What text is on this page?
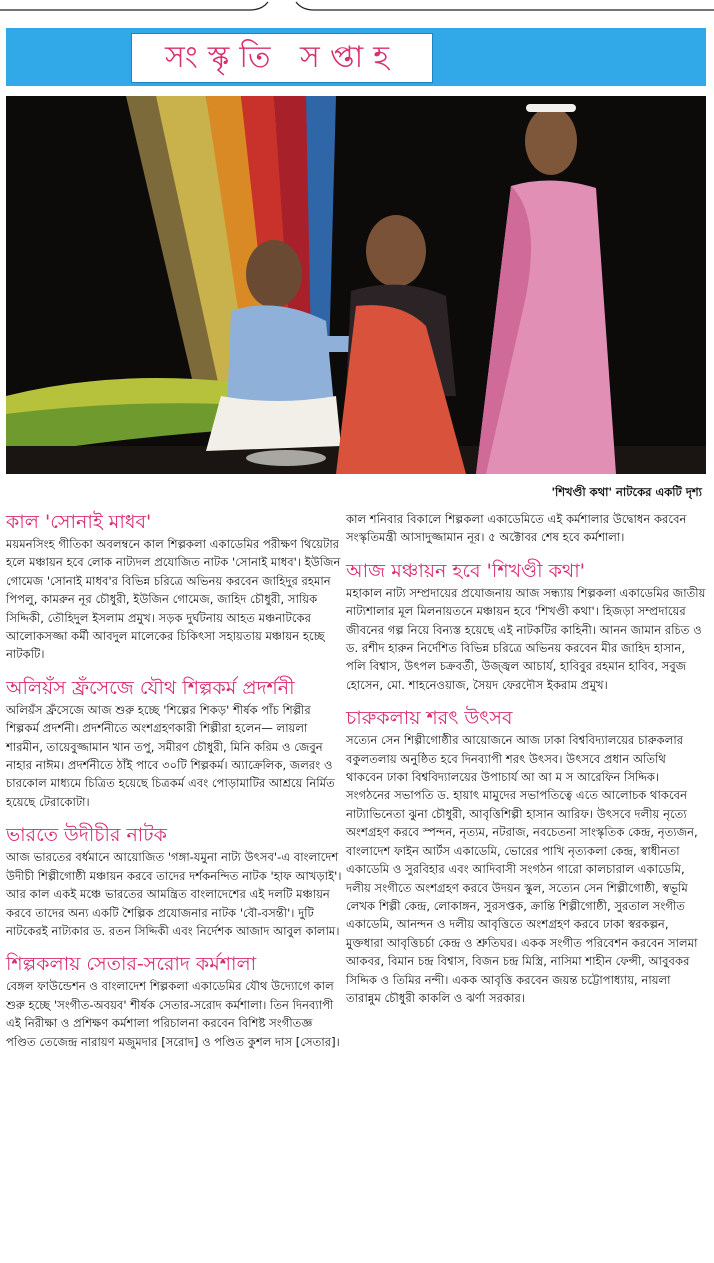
সংস্কৃতি সপ্তাহ
'শিখণ্ডী কথা' নাটকের একটি দৃশ্য
কাল 'সোনাই মাধব'

ময়মনসিংহ গীতিকা অবলম্বনে কাল শিল্পকলা একাডেমির পরীক্ষণ থিয়েটার হলে মঞ্চায়ন হবে লোক নাট্যদল প্রযোজিত নাটক 'সোনাই মাধব'। ইউজিন গোমেজ 'সোনাই মাধব'র বিভিন্ন চরিত্রে অভিনয় করবেন জাহিদুর রহমান পিপলু, কামরুন নূর চৌধুরী, ইউজিন গোমেজ, জাহিদ চৌধুরী, সায়িক সিদ্দিকী, তৌহিদুল ইসলাম প্রমুখ। সড়ক দুর্ঘটনায় আহত মঞ্চনাটকের আলোকসজ্জা কর্মী আবদুল মালেকের চিকিৎসা সহায়তায় মঞ্চায়ন হচ্ছে নাটকটি।

অলিয়ঁস ফ্রঁসেজে যৌথ শিল্পকর্ম প্রদর্শনী

অলিয়ঁস ফ্রঁসেজে আজ শুরু হচ্ছে 'শিল্পের শিকড়' শীর্ষক পাঁচ শিল্পীর শিল্পকর্ম প্রদর্শনী। প্রদর্শনীতে অংশগ্রহণকারী শিল্পীরা হলেন— লায়লা শারমীন, তায়েবুজ্জামান খান তপু, সমীরণ চৌধুরী, মিনি করিম ও জেবুন নাহার নাঈম। প্রদর্শনীতে ঠাঁই পাবে ৩০টি শিল্পকর্ম। অ্যাক্রেলিক, জলরং ও চারকোল মাধ্যমে চিত্রিত হয়েছে চিত্রকর্ম এবং পোড়ামাটির আশ্রয়ে নির্মিত হয়েছে টেরাকোটা।

ভারতে উদীচীর নাটক

আজ ভারতের বর্ধমানে আয়োজিত 'গঙ্গা-যমুনা নাট্য উৎসব'-এ বাংলাদেশ উদীচী শিল্পীগোষ্ঠী মঞ্চায়ন করবে তাদের দর্শকনন্দিত নাটক 'হাফ আখড়াই'। আর কাল একই মঞ্চে ভারতের আমন্ত্রিত বাংলাদেশের এই দলটি মঞ্চায়ন করবে তাদের অন্য একটি শৈল্পিক প্রযোজনার নাটক 'বৌ-বসন্তী'। দুটি নাটকেরই নাট্যকার ড. রতন সিদ্দিকী এবং নির্দেশক আজাদ আবুল কালাম।

শিল্পকলায় সেতার-সরোদ কর্মশালা

বেঙ্গল ফাউন্ডেশন ও বাংলাদেশ শিল্পকলা একাডেমির যৌথ উদ্যোগে কাল শুরু হচ্ছে 'সংগীত-অবয়ব' শীর্ষক সেতার-সরোদ কর্মশালা। তিন দিনব্যাপী এই নিরীক্ষা ও প্রশিক্ষণ কর্মশালা পরিচালনা করবেন বিশিষ্ট সংগীতজ্ঞ পণ্ডিত তেজেন্দ্র নারায়ণ মজুমদার [সরোদ] ও পণ্ডিত কুশল দাস [সেতার]।

কাল শনিবার বিকালে শিল্পকলা একাডেমিতে এই কর্মশালার উদ্বোধন করবেন সংস্কৃতিমন্ত্রী আসাদুজ্জামান নূর। ৫ অক্টোবর শেষ হবে কর্মশালা।

আজ মঞ্চায়ন হবে 'শিখণ্ডী কথা'

মহাকাল নাট্য সম্প্রদায়ের প্রযোজনায় আজ সন্ধ্যায় শিল্পকলা একাডেমির জাতীয় নাট্যশালার মূল মিলনায়তনে মঞ্চায়ন হবে 'শিখণ্ডী কথা'। হিজড়া সম্প্রদায়ের জীবনের গল্প নিয়ে বিন্যস্ত হয়েছে এই নাটকটির কাহিনী। আনন জামান রচিত ও ড. রশীদ হারুন নির্দেশিত বিভিন্ন চরিত্রে অভিনয় করবেন মীর জাহিদ হাসান, পলি বিশ্বাস, উৎপল চক্রবর্তী, উজ্জ্বল আচার্য, হাবিবুর রহমান হাবিব, সবুজ হোসেন, মো. শাহনেওয়াজ, সৈয়দ ফেরদৌস ইকরাম প্রমুখ।

চারুকলায় শরৎ উৎসব

সত্যেন সেন শিল্পীগোষ্ঠীর আয়োজনে আজ ঢাকা বিশ্ববিদ্যালয়ের চারুকলার বকুলতলায় অনুষ্ঠিত হবে দিনব্যাপী শরৎ উৎসব। উৎসবে প্রধান অতিথি থাকবেন ঢাকা বিশ্ববিদ্যালয়ের উপাচার্য আ আ ম স আরেফিন সিদ্দিক। সংগঠনের সভাপতি ড. হায়াৎ মামুদের সভাপতিত্বে এতে আলোচক থাকবেন নাট্যাভিনেতা ঝুনা চৌধুরী, আবৃত্তিশিল্পী হাসান আরিফ। উৎসবে দলীয় নৃত্যে অংশগ্রহণ করবে স্পন্দন, নৃত্যম, নটরাজ, নবচেতনা সাংস্কৃতিক কেন্দ্র, নৃত্যজন, বাংলাদেশ ফাইন আর্টস একাডেমি, ভোরের পাখি নৃত্যকলা কেন্দ্র, স্বাধীনতা একাডেমি ও সুরবিহার এবং আদিবাসী সংগঠন গারো কালচারাল একাডেমি, দলীয় সংগীতে অংশগ্রহণ করবে উদয়ন স্কুল, সত্যেন সেন শিল্পীগোষ্ঠী, স্বভূমি লেখক শিল্পী কেন্দ্র, লোকাঙ্গন, সুরসপ্তক, ক্রান্তি শিল্পীগোষ্ঠী, সুরতাল সংগীত একাডেমি, আনন্দন ও দলীয় আবৃত্তিতে অংশগ্রহণ করবে ঢাকা স্বরকল্পন, মুক্তধারা আবৃত্তিচর্চা কেন্দ্র ও শ্রুতিঘর। একক সংগীত পরিবেশন করবেন সালমা আকবর, বিমান চন্দ্র বিশ্বাস, বিজন চন্দ্র মিস্ত্রি, নাসিমা শাহীন ফেন্সী, আবুবকর সিদ্দিক ও তিমির নন্দী। একক আবৃত্তি করবেন জয়ন্ত চট্টোপাধ্যায়, নায়লা তারান্নুম চৌধুরী কাকলি ও ঝর্ণা সরকার।
